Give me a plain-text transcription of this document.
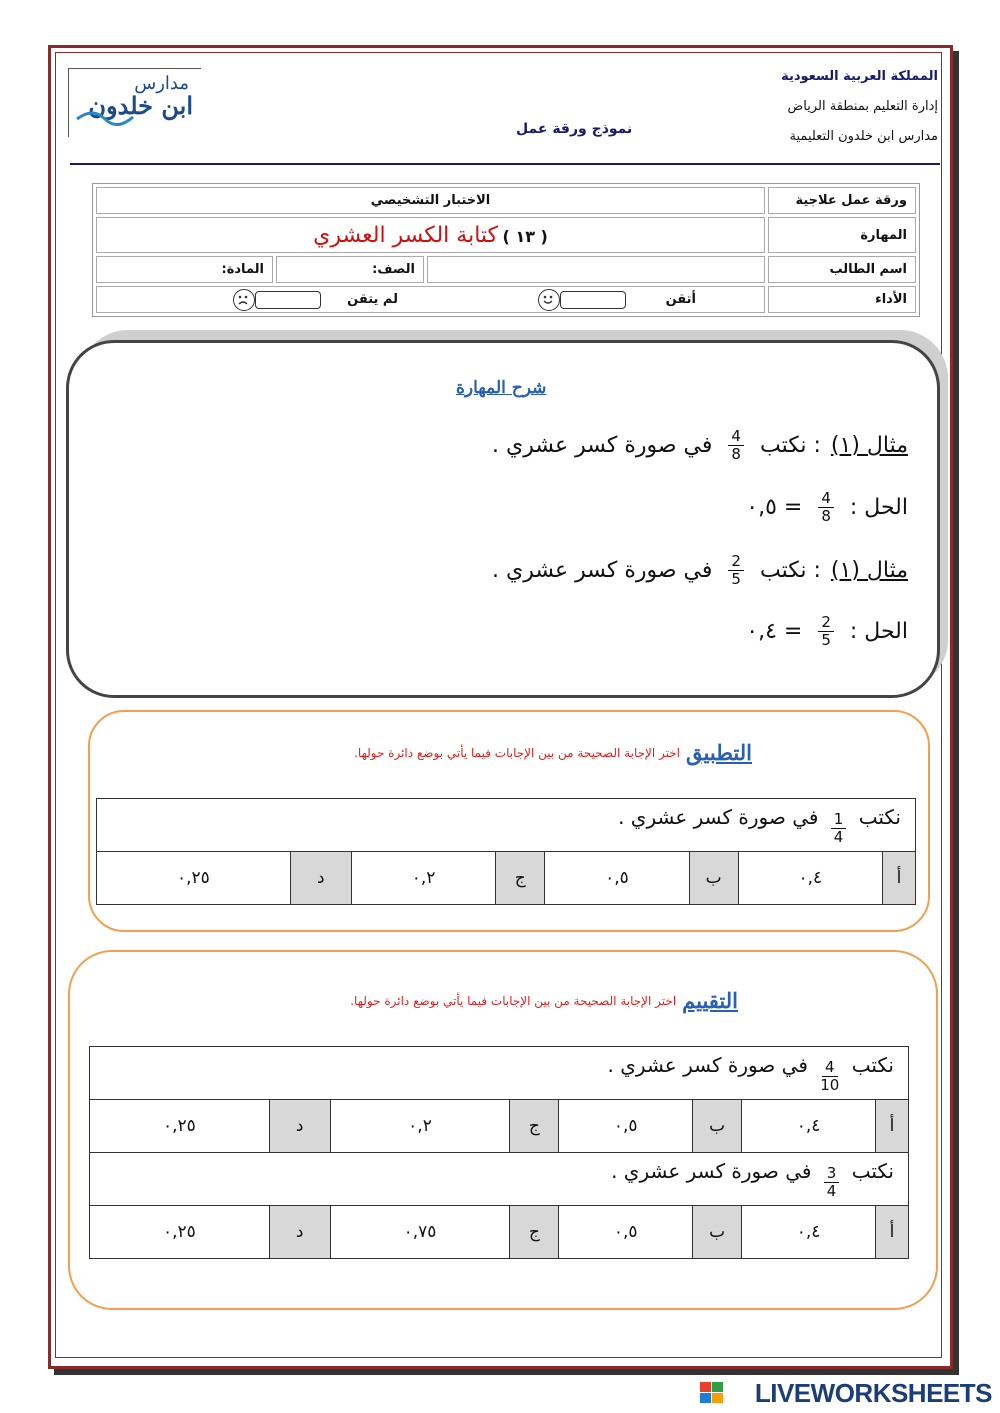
المملكة العربية السعودية
إدارة التعليم بمنطقة الرياض
مدارس ابن خلدون التعليمية
نموذج ورقة عمل
مدارس
ابن خلدون
ورقة عمل علاجية	الاختبار التشخيصي		
المهارة	( ١٣ ) كتابة الكسر العشري		
اسم الطالب		الصف:	المادة:
الأداء	أتقن
لم يتقن		
شرح المهارة
مثال (١)
: نكتب
$\frac{4}{8}$
في صورة كسر عشري .
الحل :
$\frac{4}{8}$
= ٠,٥
مثال (١)
: نكتب
$\frac{2}{5}$
في صورة كسر عشري .
الحل :
$\frac{2}{5}$
= ٠,٤
التطبيق
اختر الإجابة الصحيحة من بين الإجابات فيما يأتي بوضع دائرة حولها.
نكتب
$\frac{1}{4}$
في صورة كسر عشري .
أ	٠,٤	ب	٠,٥	ج	٠,٢	د	٠,٢٥
التقييم
اختر الإجابة الصحيحة من بين الإجابات فيما يأتي بوضع دائرة حولها.
نكتب
$\frac{4}{10}$
في صورة كسر عشري .							
أ	٠,٤	ب	٠,٥	ج	٠,٢	د	٠,٢٥
نكتب
$\frac{3}{4}$
في صورة كسر عشري .							
أ	٠,٤	ب	٠,٥	ج	٠,٧٥	د	٠,٢٥
LIVEWORKSHEETS
